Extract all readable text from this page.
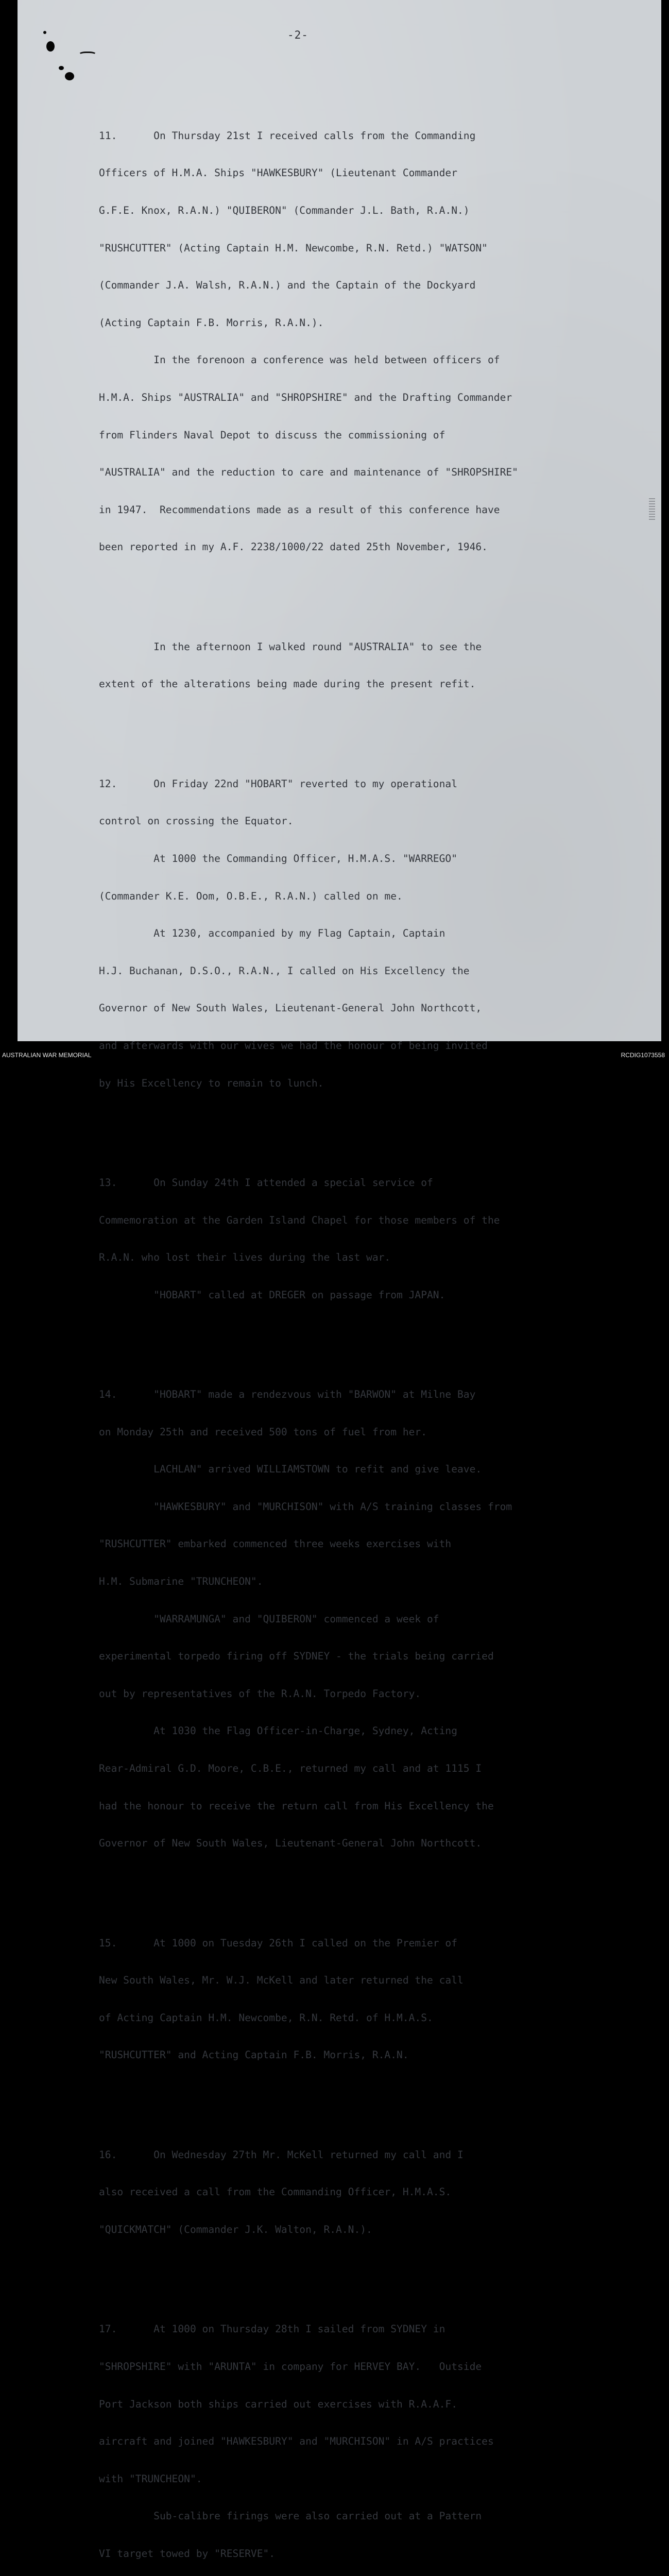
-2-

11.      On Thursday 21st I received calls from the Commanding

Officers of H.M.A. Ships "HAWKESBURY" (Lieutenant Commander

G.F.E. Knox, R.A.N.) "QUIBERON" (Commander J.L. Bath, R.A.N.)

"RUSHCUTTER" (Acting Captain H.M. Newcombe, R.N. Retd.) "WATSON"

(Commander J.A. Walsh, R.A.N.) and the Captain of the Dockyard

(Acting Captain F.B. Morris, R.A.N.).

In the forenoon a conference was held between officers of

H.M.A. Ships "AUSTRALIA" and "SHROPSHIRE" and the Drafting Commander

from Flinders Naval Depot to discuss the commissioning of

"AUSTRALIA" and the reduction to care and maintenance of "SHROPSHIRE"

in 1947.  Recommendations made as a result of this conference have

been reported in my A.F. 2238/1000/22 dated 25th November, 1946.

In the afternoon I walked round "AUSTRALIA" to see the

extent of the alterations being made during the present refit.

12.      On Friday 22nd "HOBART" reverted to my operational

control on crossing the Equator.

At 1000 the Commanding Officer, H.M.A.S. "WARREGO"

(Commander K.E. Oom, O.B.E., R.A.N.) called on me.

At 1230, accompanied by my Flag Captain, Captain

H.J. Buchanan, D.S.O., R.A.N., I called on His Excellency the

Governor of New South Wales, Lieutenant-General John Northcott,

and afterwards with our wives we had the honour of being invited

by His Excellency to remain to lunch.

13.      On Sunday 24th I attended a special service of

Commemoration at the Garden Island Chapel for those members of the

R.A.N. who lost their lives during the last war.

"HOBART" called at DREGER on passage from JAPAN.

14.      "HOBART" made a rendezvous with "BARWON" at Milne Bay

on Monday 25th and received 500 tons of fuel from her.

LACHLAN" arrived WILLIAMSTOWN to refit and give leave.

"HAWKESBURY" and "MURCHISON" with A/S training classes from

"RUSHCUTTER" embarked commenced three weeks exercises with

H.M. Submarine "TRUNCHEON".

"WARRAMUNGA" and "QUIBERON" commenced a week of

experimental torpedo firing off SYDNEY - the trials being carried

out by representatives of the R.A.N. Torpedo Factory.

At 1030 the Flag Officer-in-Charge, Sydney, Acting

Rear-Admiral G.D. Moore, C.B.E., returned my call and at 1115 I

had the honour to receive the return call from His Excellency the

Governor of New South Wales, Lieutenant-General John Northcott.

15.      At 1000 on Tuesday 26th I called on the Premier of

New South Wales, Mr. W.J. McKell and later returned the call

of Acting Captain H.M. Newcombe, R.N. Retd. of H.M.A.S.

"RUSHCUTTER" and Acting Captain F.B. Morris, R.A.N.

16.      On Wednesday 27th Mr. McKell returned my call and I

also received a call from the Commanding Officer, H.M.A.S.

"QUICKMATCH" (Commander J.K. Walton, R.A.N.).

17.      At 1000 on Thursday 28th I sailed from SYDNEY in

"SHROPSHIRE" with "ARUNTA" in company for HERVEY BAY.   Outside

Port Jackson both ships carried out exercises with R.A.A.F.

aircraft and joined "HAWKESBURY" and "MURCHISON" in A/S practices

with "TRUNCHEON".

Sub-calibre firings were also carried out at a Pattern

VI target towed by "RESERVE".

AUSTRALIAN WAR MEMORIAL	RCDIG1073558
